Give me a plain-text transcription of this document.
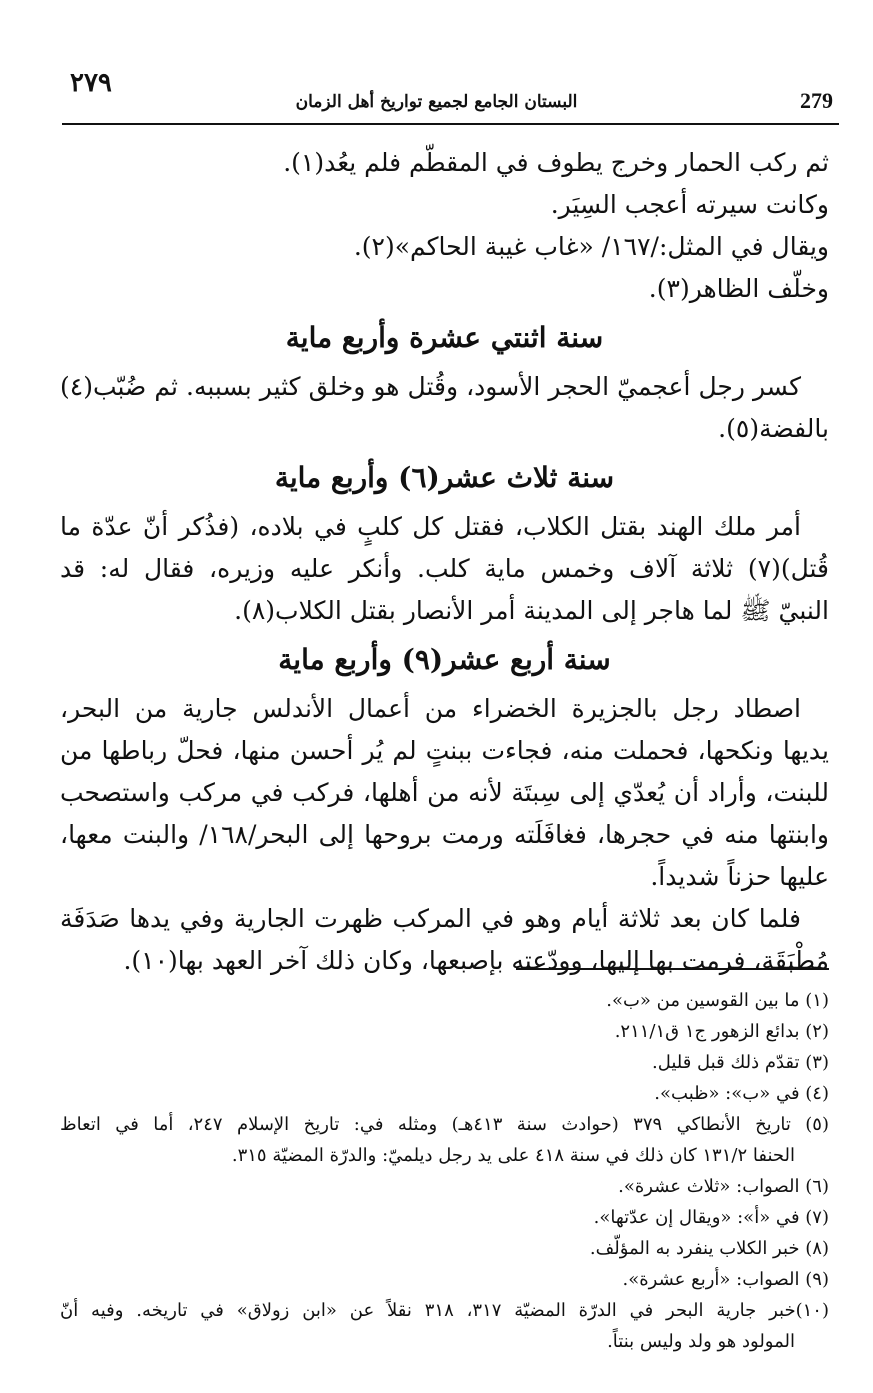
٢٧٩
البستان الجامع لجميع تواريخ أهل الزمان	279
ثم ركب الحمار وخرج يطوف في المقطّم فلم يعُد(١).
وكانت سيرته أعجب السِيَر.
ويقال في المثل:/١٦٧/ «غاب غيبة الحاكم»(٢).
وخلّف الظاهر(٣).
سنة اثنتي عشرة وأربع ماية
كسر رجل أعجميّ الحجر الأسود، وقُتل هو وخلق كثير بسببه. ثم ضُبّب(٤)
بالفضة(٥).
سنة ثلاث عشر(٦) وأربع ماية
أمر ملك الهند بقتل الكلاب، فقتل كل كلبٍ في بلاده، (فذُكر أنّ عدّة ما
قُتل)(٧) ثلاثة آلاف وخمس ماية كلب. وأنكر عليه وزيره، فقال له: قد
النبيّ ﷺ لما هاجر إلى المدينة أمر الأنصار بقتل الكلاب(٨).
سنة أربع عشر(٩) وأربع ماية
اصطاد رجل بالجزيرة الخضراء من أعمال الأندلس جارية من البحر،
يديها ونكحها، فحملت منه، فجاءت ببنتٍ لم يُر أحسن منها، فحلّ رباطها من
للبنت، وأراد أن يُعدّي إلى سِبتَة لأنه من أهلها، فركب في مركب واستصحب
وابنتها منه في حجرها، فغافَلَته ورمت بروحها إلى البحر/١٦٨/ والبنت معها،
عليها حزناً شديداً.
فلما كان بعد ثلاثة أيام وهو في المركب ظهرت الجارية وفي يدها صَدَفَة
مُطْبَقَة، فرمت بها إليها، وودّعته بإصبعها، وكان ذلك آخر العهد بها(١٠).
(١) ما بين القوسين من «ب».
(٢) بدائع الزهور ج١ ق٢١١/١.
(٣) تقدّم ذلك قبل قليل.
(٤) في «ب»: «ظبب».
(٥) تاريخ الأنطاكي ٣٧٩ (حوادث سنة ٤١٣هـ) ومثله في: تاريخ الإسلام ٢٤٧، أما في اتعاظ
الحنفا ١٣١/٢ كان ذلك في سنة ٤١٨ على يد رجل ديلميّ: والدرّة المضيّة ٣١٥.
(٦) الصواب: «ثلاث عشرة».
(٧) في «أ»: «ويقال إن عدّتها».
(٨) خبر الكلاب ينفرد به المؤلّف.
(٩) الصواب: «أربع عشرة».
(١٠)خبر جارية البحر في الدرّة المضيّة ٣١٧، ٣١٨ نقلاً عن «ابن زولاق» في تاريخه. وفيه أنّ
المولود هو ولد وليس بنتاً.
